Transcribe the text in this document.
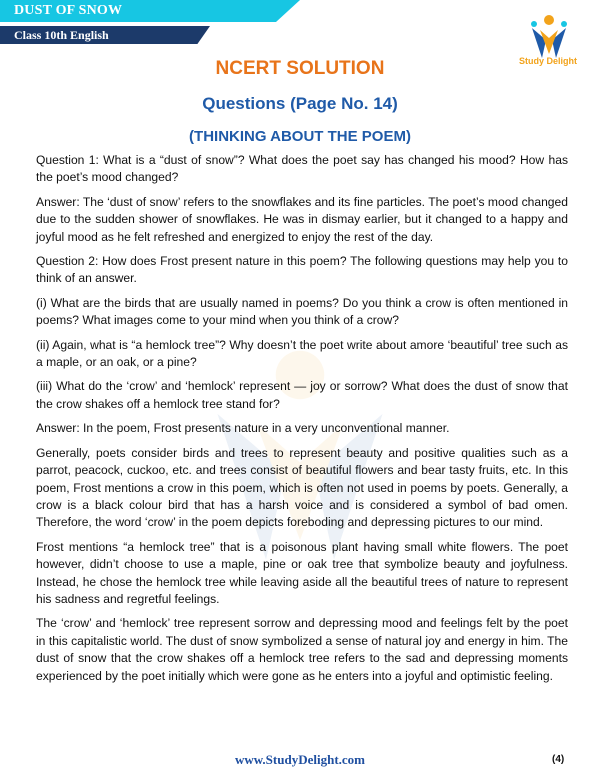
DUST OF SNOW
Class 10th English
Study Delight
NCERT SOLUTION
Questions (Page No. 14)
(THINKING ABOUT THE POEM)

Question 1: What is a “dust of snow”? What does the poet say has changed his mood? How has the poet’s mood changed?

Answer: The ‘dust of snow’ refers to the snowflakes and its fine particles. The poet’s mood changed due to the sudden shower of snowflakes. He was in dismay earlier, but it changed to a happy and joyful mood as he felt refreshed and energized to enjoy the rest of the day.

Question 2: How does Frost present nature in this poem? The following questions may help you to think of an answer.

(i) What are the birds that are usually named in poems? Do you think a crow is often mentioned in poems? What images come to your mind when you think of a crow?

(ii) Again, what is “a hemlock tree”? Why doesn’t the poet write about amore ‘beautiful’ tree such as a maple, or an oak, or a pine?

(iii) What do the ‘crow’ and ‘hemlock’ represent — joy or sorrow? What does the dust of snow that the crow shakes off a hemlock tree stand for?

Answer: In the poem, Frost presents nature in a very unconventional manner.

Generally, poets consider birds and trees to represent beauty and positive qualities such as a parrot, peacock, cuckoo, etc. and trees consist of beautiful flowers and bear tasty fruits, etc. In this poem, Frost mentions a crow in this poem, which is often not used in poems by poets. Generally, a crow is a black colour bird that has a harsh voice and is considered a symbol of bad omen. Therefore, the word ‘crow’ in the poem depicts foreboding and depressing pictures to our mind.

Frost mentions “a hemlock tree” that is a poisonous plant having small white flowers. The poet however, didn’t choose to use a maple, pine or oak tree that symbolize beauty and joyfulness. Instead, he chose the hemlock tree while leaving aside all the beautiful trees of nature to represent his sadness and regretful feelings.

The ‘crow’ and ‘hemlock’ tree represent sorrow and depressing mood and feelings felt by the poet in this capitalistic world. The dust of snow symbolized a sense of natural joy and energy in him. The dust of snow that the crow shakes off a hemlock tree refers to the sad and depressing moments experienced by the poet initially which were gone as he enters into a joyful and optimistic feeling.

www.StudyDelight.com	(4)
